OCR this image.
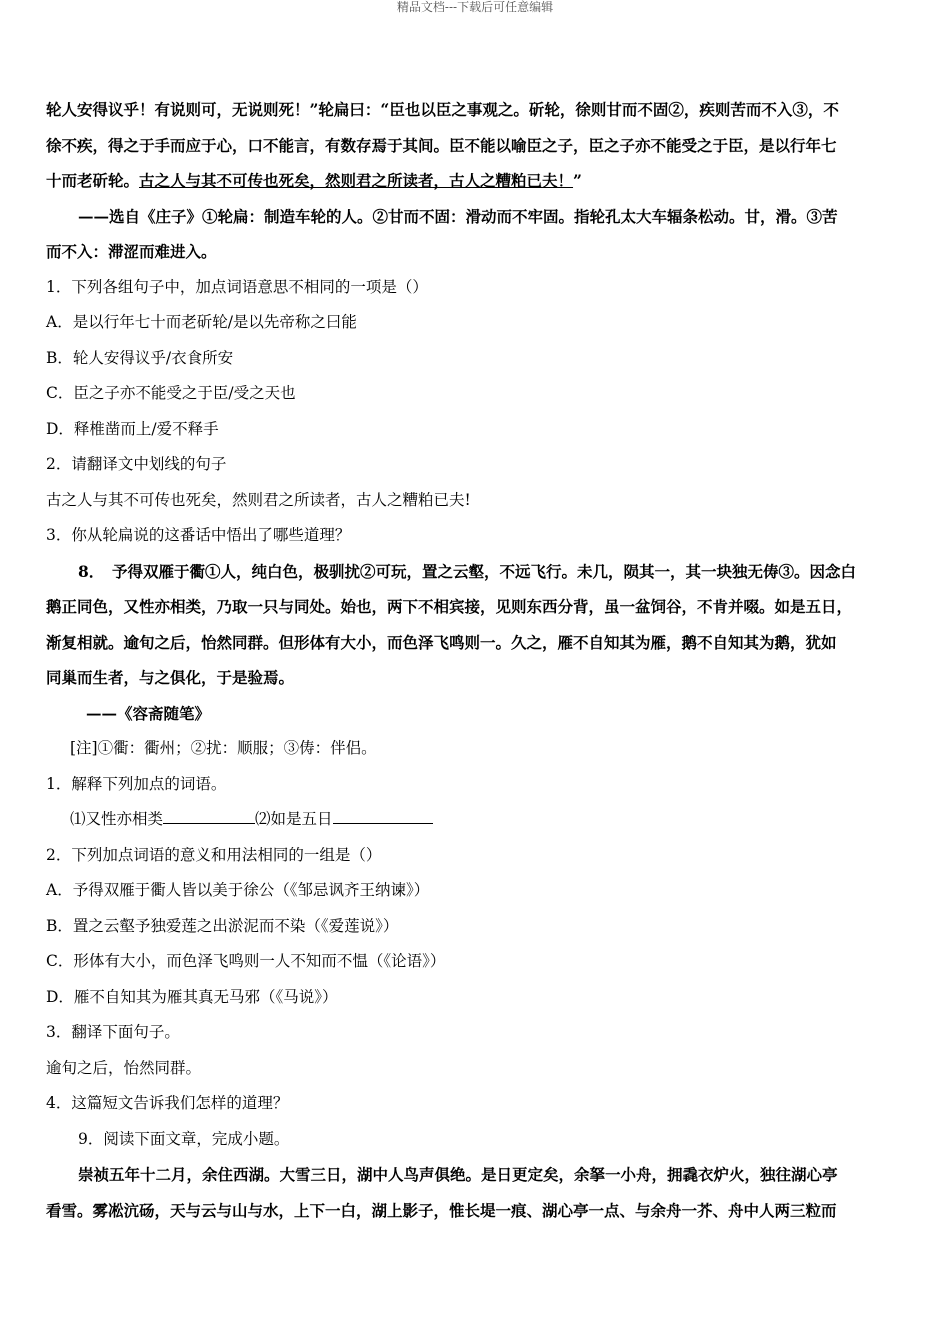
精品文档---下载后可任意编辑

轮人安得议乎！有说则可，无说则死！”轮扁曰：“臣也以臣之事观之。斫轮，徐则甘而不固②，疾则苦而不入③，不

徐不疾，得之于手而应于心，口不能言，有数存焉于其间。臣不能以喻臣之子，臣之子亦不能受之于臣，是以行年七

十而老斫轮。古之人与其不可传也死矣，然则君之所读者，古人之糟粕已夫！”

——选自《庄子》①轮扁：制造车轮的人。②甘而不固：滑动而不牢固。指轮孔太大车辐条松动。甘，滑。③苦

而不入：滞涩而难进入。

1．下列各组句子中，加点词语意思不相同的一项是（）

A．是以行年七十而老斫轮/是以先帝称之曰能

B．轮人安得议乎/衣食所安

C．臣之子亦不能受之于臣/受之天也

D．释椎凿而上/爱不释手

2．请翻译文中划线的句子

古之人与其不可传也死矣，然则君之所读者，古人之糟粕已夫!

3．你从轮扁说的这番话中悟出了哪些道理？

8．　予得双雁于衢①人，纯白色，极驯扰②可玩，置之云壑，不远飞行。未几，陨其一，其一块独无俦③。因念白

鹅正同色，又性亦相类，乃取一只与同处。始也，两下不相宾接，见则东西分背，虽一盆饲谷，不肯并啜。如是五日，

渐复相就。逾旬之后，怡然同群。但形体有大小，而色泽飞鸣则一。久之，雁不自知其为雁，鹅不自知其为鹅，犹如

同巢而生者，与之俱化，于是验焉。

——《容斋随笔》

[注]①衢：衢州；②扰：顺服；③俦：伴侣。

1．解释下列加点的词语。

⑴又性亦相类	⑵如是五日

2．下列加点词语的意义和用法相同的一组是（）

A．予得双雁于衢人皆以美于徐公（《邹忌讽齐王纳谏》）

B．置之云壑予独爱莲之出淤泥而不染（《爱莲说》）

C．形体有大小，而色泽飞鸣则一人不知而不愠（《论语》）

D．雁不自知其为雁其真无马邪（《马说》）

3．翻译下面句子。

逾旬之后，怡然同群。

4．这篇短文告诉我们怎样的道理？

9．阅读下面文章，完成小题。

崇祯五年十二月，余住西湖。大雪三日，湖中人鸟声俱绝。是日更定矣，余拏一小舟，拥毳衣炉火，独往湖心亭

看雪。雾凇沆砀，天与云与山与水，上下一白，湖上影子，惟长堤一痕、湖心亭一点、与余舟一芥、舟中人两三粒而
